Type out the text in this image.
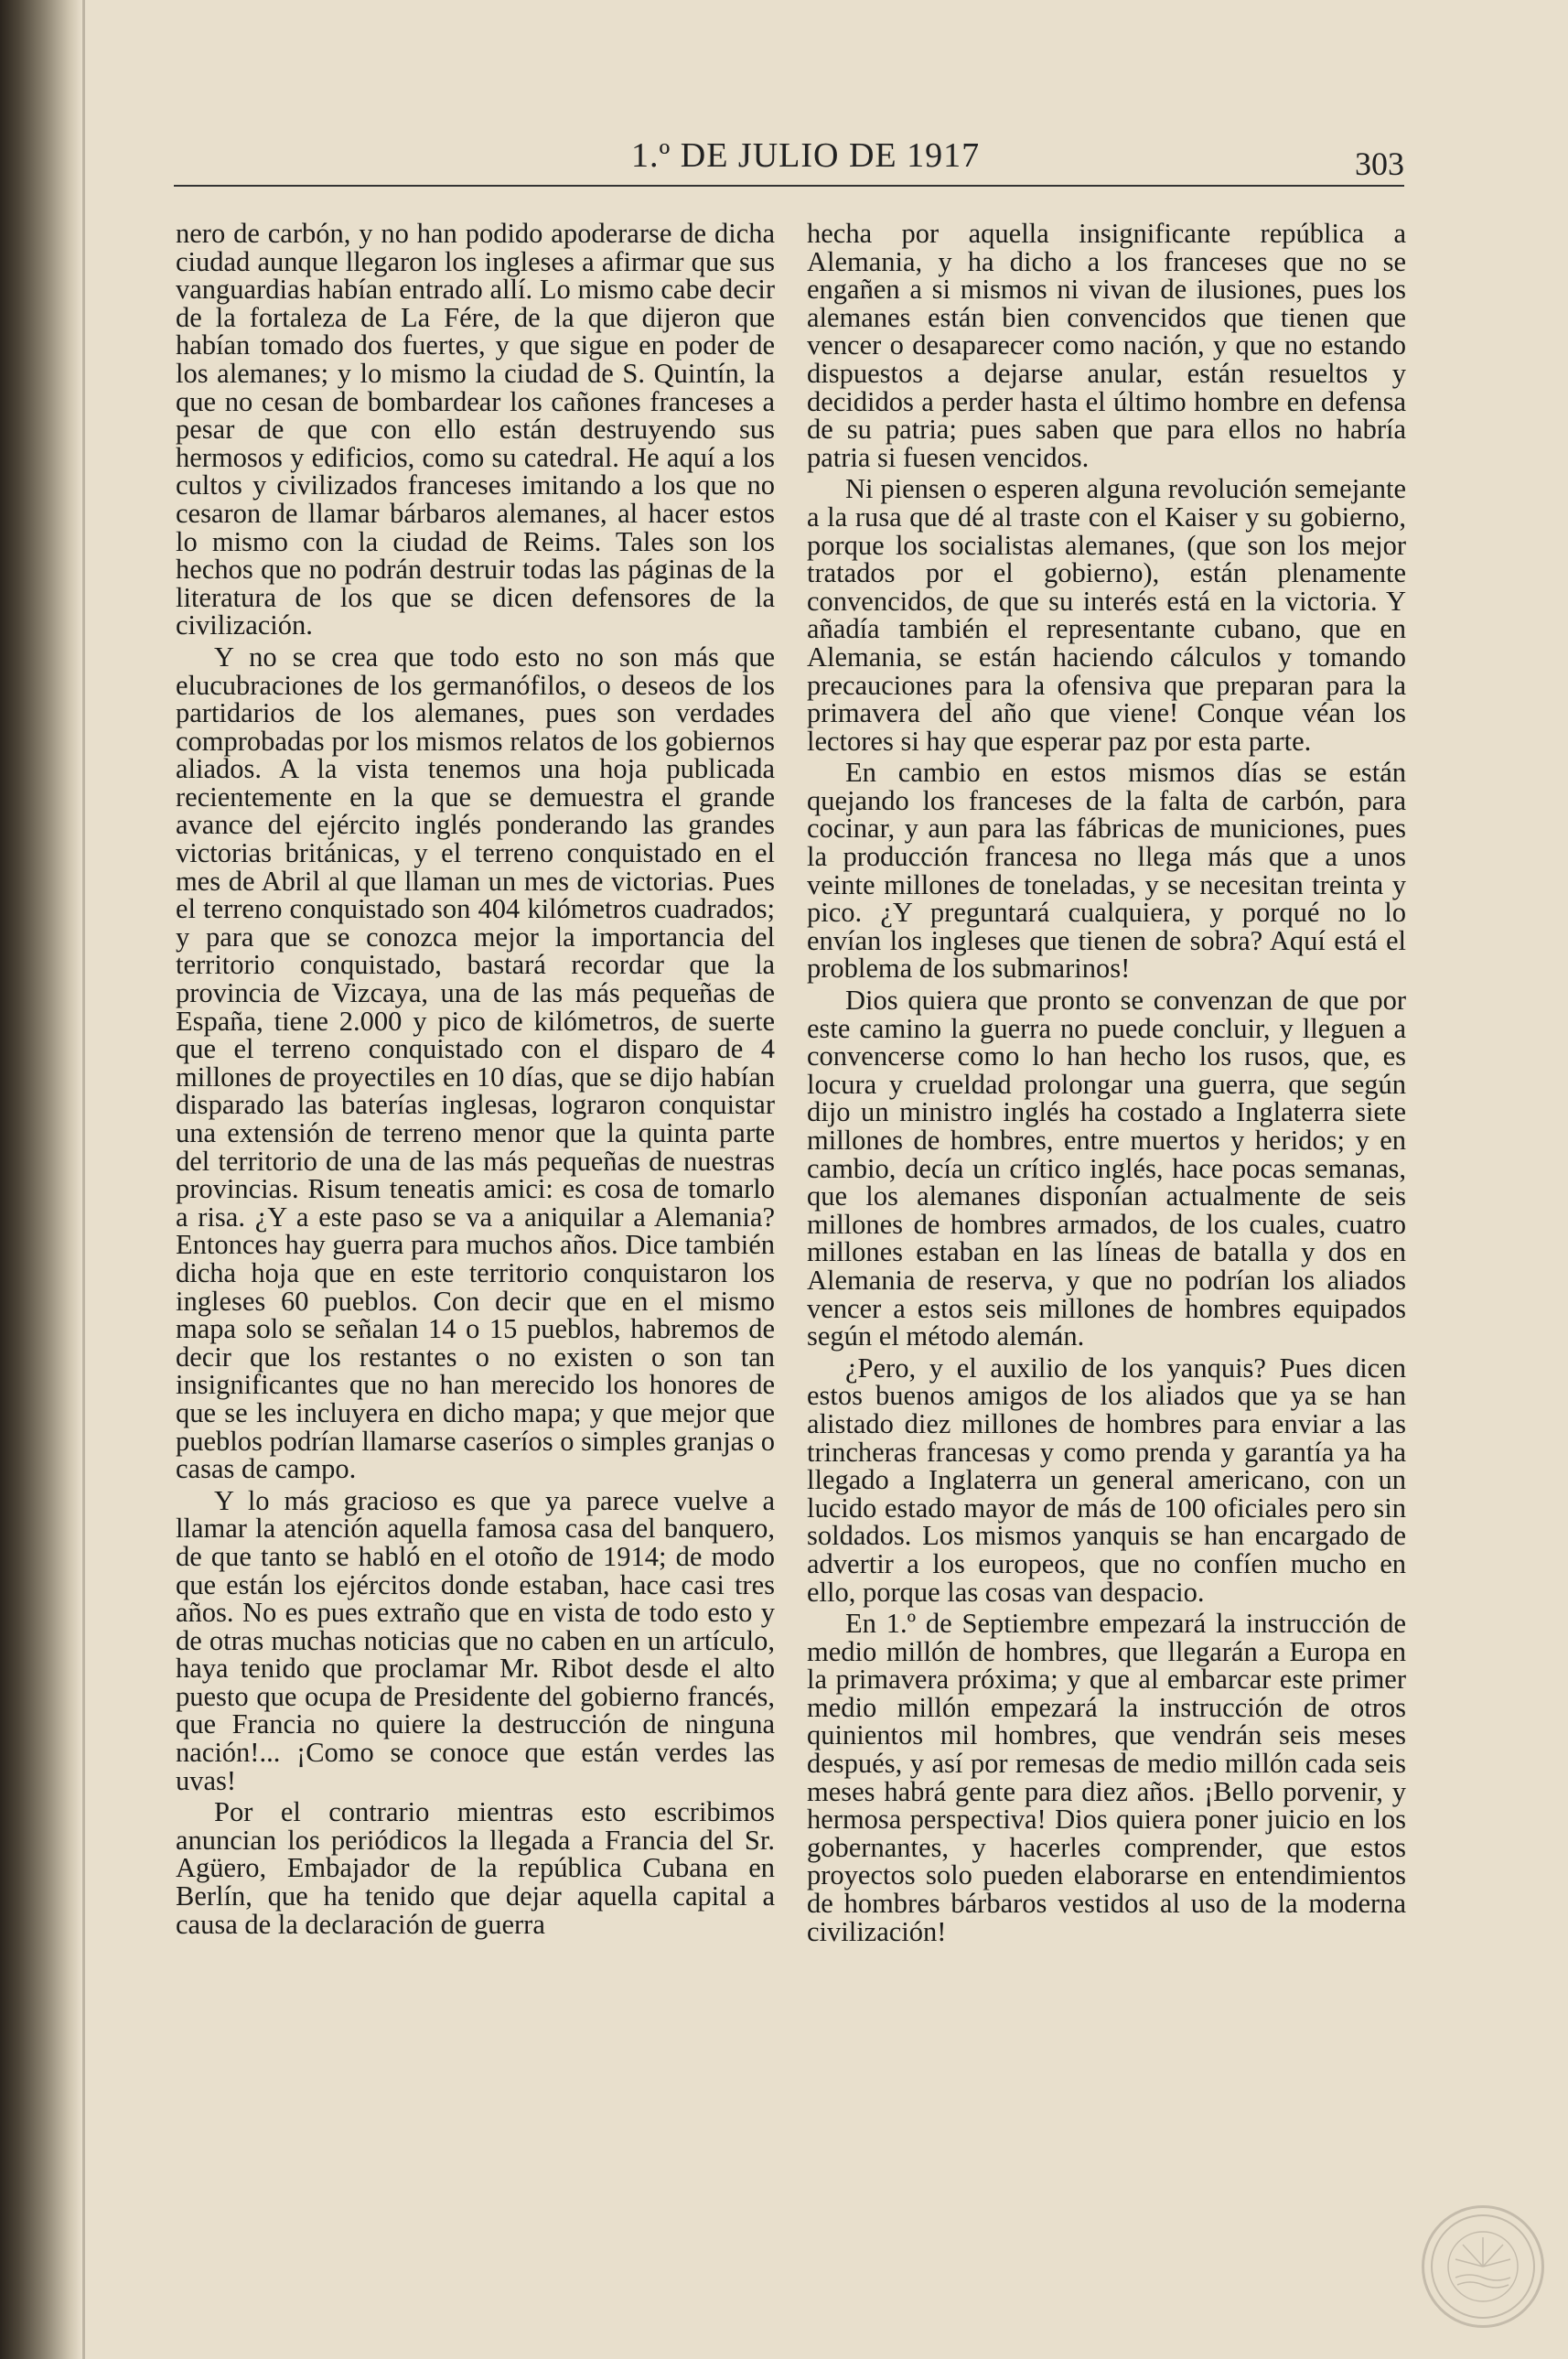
1.º DE JULIO DE 1917	303

nero de carbón, y no han podido apoderarse de dicha ciudad aunque llegaron los ingleses a afirmar que sus vanguardias habían entrado allí. Lo mismo cabe decir de la fortaleza de La Fére, de la que dijeron que habían tomado dos fuertes, y que sigue en poder de los alemanes; y lo mismo la ciudad de S. Quintín, la que no cesan de bombardear los cañones franceses a pesar de que con ello están destruyendo sus hermosos y edificios, como su catedral. He aquí a los cultos y civilizados franceses imitando a los que no cesaron de llamar bárbaros alemanes, al hacer estos lo mismo con la ciudad de Reims. Tales son los hechos que no podrán destruir todas las páginas de la literatura de los que se dicen defensores de la civilización.

Y no se crea que todo esto no son más que elucubraciones de los germanófilos, o deseos de los partidarios de los alemanes, pues son verdades comprobadas por los mismos relatos de los gobiernos aliados. A la vista tenemos una hoja publicada recientemente en la que se demuestra el grande avance del ejército inglés ponderando las grandes victorias británicas, y el terreno conquistado en el mes de Abril al que llaman un mes de victorias. Pues el terreno conquistado son 404 kilómetros cuadrados; y para que se conozca mejor la importancia del territorio conquistado, bastará recordar que la provincia de Vizcaya, una de las más pequeñas de España, tiene 2.000 y pico de kilómetros, de suerte que el terreno conquistado con el disparo de 4 millones de proyectiles en 10 días, que se dijo habían disparado las baterías inglesas, lograron conquistar una extensión de terreno menor que la quinta parte del territorio de una de las más pequeñas de nuestras provincias. Risum teneatis amici: es cosa de tomarlo a risa. ¿Y a este paso se va a aniquilar a Alemania? Entonces hay guerra para muchos años. Dice también dicha hoja que en este territorio conquistaron los ingleses 60 pueblos. Con decir que en el mismo mapa solo se señalan 14 o 15 pueblos, habremos de decir que los restantes o no existen o son tan insignificantes que no han merecido los honores de que se les incluyera en dicho mapa; y que mejor que pueblos podrían llamarse caseríos o simples granjas o casas de campo.

Y lo más gracioso es que ya parece vuelve a llamar la atención aquella famosa casa del banquero, de que tanto se habló en el otoño de 1914; de modo que están los ejércitos donde estaban, hace casi tres años. No es pues extraño que en vista de todo esto y de otras muchas noticias que no caben en un artículo, haya tenido que proclamar Mr. Ribot desde el alto puesto que ocupa de Presidente del gobierno francés, que Francia no quiere la destrucción de ninguna nación!... ¡Como se conoce que están verdes las uvas!

Por el contrario mientras esto escribimos anuncian los periódicos la llegada a Francia del Sr. Agüero, Embajador de la república Cubana en Berlín, que ha tenido que dejar aquella capital a causa de la declaración de guerra

hecha por aquella insignificante república a Alemania, y ha dicho a los franceses que no se engañen a si mismos ni vivan de ilusiones, pues los alemanes están bien convencidos que tienen que vencer o desaparecer como nación, y que no estando dispuestos a dejarse anular, están resueltos y decididos a perder hasta el último hombre en defensa de su patria; pues saben que para ellos no habría patria si fuesen vencidos.

Ni piensen o esperen alguna revolución semejante a la rusa que dé al traste con el Kaiser y su gobierno, porque los socialistas alemanes, (que son los mejor tratados por el gobierno), están plenamente convencidos, de que su interés está en la victoria. Y añadía también el representante cubano, que en Alemania, se están haciendo cálculos y tomando precauciones para la ofensiva que preparan para la primavera del año que viene! Conque véan los lectores si hay que esperar paz por esta parte.

En cambio en estos mismos días se están quejando los franceses de la falta de carbón, para cocinar, y aun para las fábricas de municiones, pues la producción francesa no llega más que a unos veinte millones de toneladas, y se necesitan treinta y pico. ¿Y preguntará cualquiera, y porqué no lo envían los ingleses que tienen de sobra? Aquí está el problema de los submarinos!

Dios quiera que pronto se convenzan de que por este camino la guerra no puede concluir, y lleguen a convencerse como lo han hecho los rusos, que, es locura y crueldad prolongar una guerra, que según dijo un ministro inglés ha costado a Inglaterra siete millones de hombres, entre muertos y heridos; y en cambio, decía un crítico inglés, hace pocas semanas, que los alemanes disponían actualmente de seis millones de hombres armados, de los cuales, cuatro millones estaban en las líneas de batalla y dos en Alemania de reserva, y que no podrían los aliados vencer a estos seis millones de hombres equipados según el método alemán.

¿Pero, y el auxilio de los yanquis? Pues dicen estos buenos amigos de los aliados que ya se han alistado diez millones de hombres para enviar a las trincheras francesas y como prenda y garantía ya ha llegado a Inglaterra un general americano, con un lucido estado mayor de más de 100 oficiales pero sin soldados. Los mismos yanquis se han encargado de advertir a los europeos, que no confíen mucho en ello, porque las cosas van despacio.

En 1.º de Septiembre empezará la instrucción de medio millón de hombres, que llegarán a Europa en la primavera próxima; y que al embarcar este primer medio millón empezará la instrucción de otros quinientos mil hombres, que vendrán seis meses después, y así por remesas de medio millón cada seis meses habrá gente para diez años. ¡Bello porvenir, y hermosa perspectiva! Dios quiera poner juicio en los gobernantes, y hacerles comprender, que estos proyectos solo pueden elaborarse en entendimientos de hombres bárbaros vestidos al uso de la moderna civilización!
